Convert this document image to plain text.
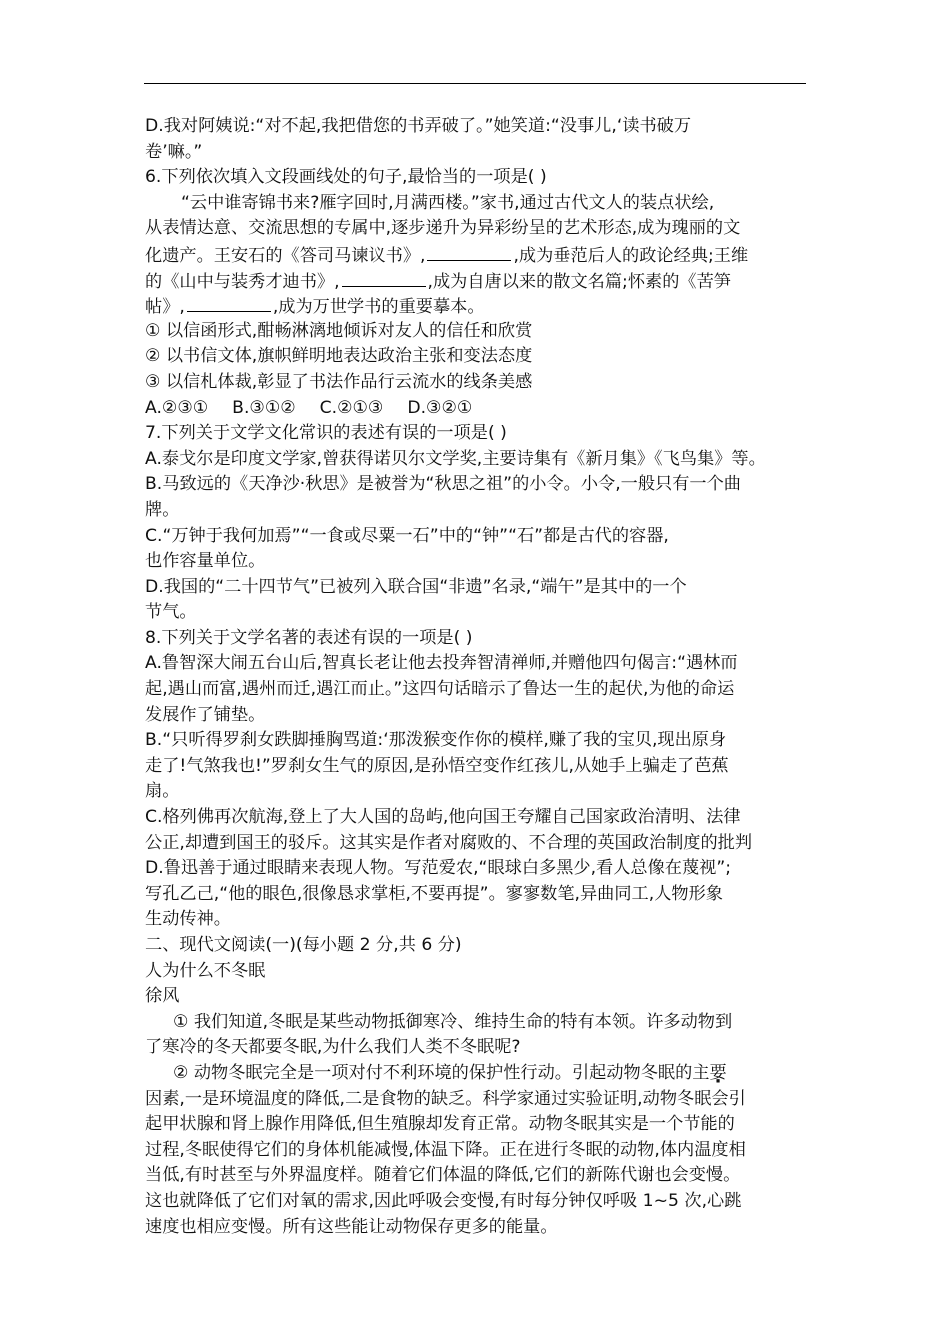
D.我对阿姨说:“对不起,我把借您的书弄破了。”她笑道:“没事儿,‘读书破万
卷’嘛。”
6.下列依次填入文段画线处的句子,最恰当的一项是( )
“云中谁寄锦书来?雁字回时,月满西楼。”家书,通过古代文人的装点状绘,
从表情达意、交流思想的专属中,逐步递升为异彩纷呈的艺术形态,成为瑰丽的文
化遗产。王安石的《答司马谏议书》,	,成为垂范后人的政论经典;王维
的《山中与装秀才迪书》,	,成为自唐以来的散文名篇;怀素的《苦笋
帖》,	,成为万世学书的重要摹本。
① 以信函形式,酣畅淋漓地倾诉对友人的信任和欣赏
② 以书信文体,旗帜鲜明地表达政治主张和变法态度
③ 以信札体裁,彰显了书法作品行云流水的线条美感
A.②③① B.③①② C.②①③ D.③②①
7.下列关于文学文化常识的表述有误的一项是( )
A.泰戈尔是印度文学家,曾获得诺贝尔文学奖,主要诗集有《新月集》《飞鸟集》等。
B.马致远的《天净沙·秋思》是被誉为“秋思之祖”的小令。小令,一般只有一个曲
牌。
C.“万钟于我何加焉”“一食或尽粟一石”中的“钟”“石”都是古代的容器,
也作容量单位。
D.我国的“二十四节气”已被列入联合国“非遗”名录,“端午”是其中的一个
节气。
8.下列关于文学名著的表述有误的一项是( )
A.鲁智深大闹五台山后,智真长老让他去投奔智清禅师,并赠他四句偈言:“遇林而
起,遇山而富,遇州而迁,遇江而止。”这四句话暗示了鲁达一生的起伏,为他的命运
发展作了铺垫。
B.“只听得罗刹女跌脚捶胸骂道:‘那泼猴变作你的模样,赚了我的宝贝,现出原身
走了!气煞我也!”罗刹女生气的原因,是孙悟空变作红孩儿,从她手上骗走了芭蕉
扇。
C.格列佛再次航海,登上了大人国的岛屿,他向国王夸耀自己国家政治清明、法律
公正,却遭到国王的驳斥。这其实是作者对腐败的、不合理的英国政治制度的批判
D.鲁迅善于通过眼睛来表现人物。写范爱农,“眼球白多黑少,看人总像在蔑视”;
写孔乙己,“他的眼色,很像恳求掌柜,不要再提”。寥寥数笔,异曲同工,人物形象
生动传神。
二、现代文阅读(一)(每小题 2 分,共 6 分)
人为什么不冬眠
徐风
① 我们知道,冬眠是某些动物抵御寒冷、维持生命的特有本领。许多动物到
了寒冷的冬天都要冬眠,为什么我们人类不冬眠呢?
② 动物冬眠完全是一项对付不利环境的保护性行动。引起动物冬眠的主要
因素,一是环境温度的降低,二是食物的缺乏。科学家通过实验证明,动物冬眠会引
起甲状腺和肾上腺作用降低,但生殖腺却发育正常。动物冬眠其实是一个节能的
过程,冬眠使得它们的身体机能减慢,体温下降。正在进行冬眠的动物,体内温度相
当低,有时甚至与外界温度样。随着它们体温的降低,它们的新陈代谢也会变慢。
这也就降低了它们对氧的需求,因此呼吸会变慢,有时每分钟仅呼吸 1~5 次,心跳
速度也相应变慢。所有这些能让动物保存更多的能量。
